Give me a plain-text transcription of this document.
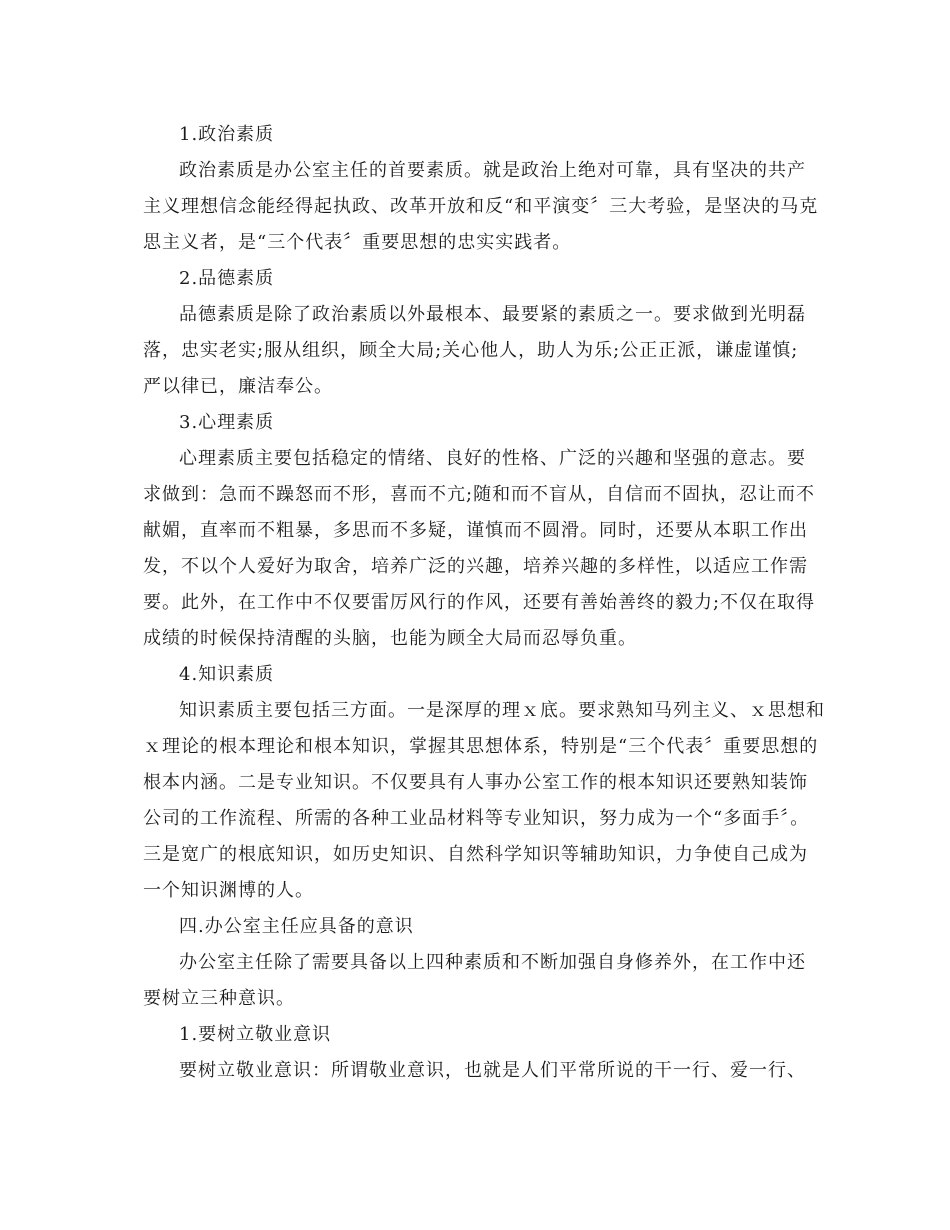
1.政治素质
政治素质是办公室主任的首要素质。就是政治上绝对可靠，具有坚决的共产
主义理想信念能经得起执政、改革开放和反“和平演变〞三大考验，是坚决的马克
思主义者，是“三个代表〞重要思想的忠实实践者。
2.品德素质
品德素质是除了政治素质以外最根本、最要紧的素质之一。要求做到光明磊
落，忠实老实;服从组织，顾全大局;关心他人，助人为乐;公正正派，谦虚谨慎;
严以律已，廉洁奉公。
3.心理素质
心理素质主要包括稳定的情绪、良好的性格、广泛的兴趣和坚强的意志。要
求做到：急而不躁怒而不形，喜而不亢;随和而不盲从，自信而不固执，忍让而不
献媚，直率而不粗暴，多思而不多疑，谨慎而不圆滑。同时，还要从本职工作出
发，不以个人爱好为取舍，培养广泛的兴趣，培养兴趣的多样性，以适应工作需
要。此外，在工作中不仅要雷厉风行的作风，还要有善始善终的毅力;不仅在取得
成绩的时候保持清醒的头脑，也能为顾全大局而忍辱负重。
4.知识素质
知识素质主要包括三方面。一是深厚的理ｘ底。要求熟知马列主义、ｘ思想和
ｘ理论的根本理论和根本知识，掌握其思想体系，特别是“三个代表〞重要思想的
根本内涵。二是专业知识。不仅要具有人事办公室工作的根本知识还要熟知装饰
公司的工作流程、所需的各种工业品材料等专业知识，努力成为一个“多面手〞。
三是宽广的根底知识，如历史知识、自然科学知识等辅助知识，力争使自己成为
一个知识渊博的人。
四.办公室主任应具备的意识
办公室主任除了需要具备以上四种素质和不断加强自身修养外，在工作中还
要树立三种意识。
1.要树立敬业意识
要树立敬业意识：所谓敬业意识，也就是人们平常所说的干一行、爱一行、
